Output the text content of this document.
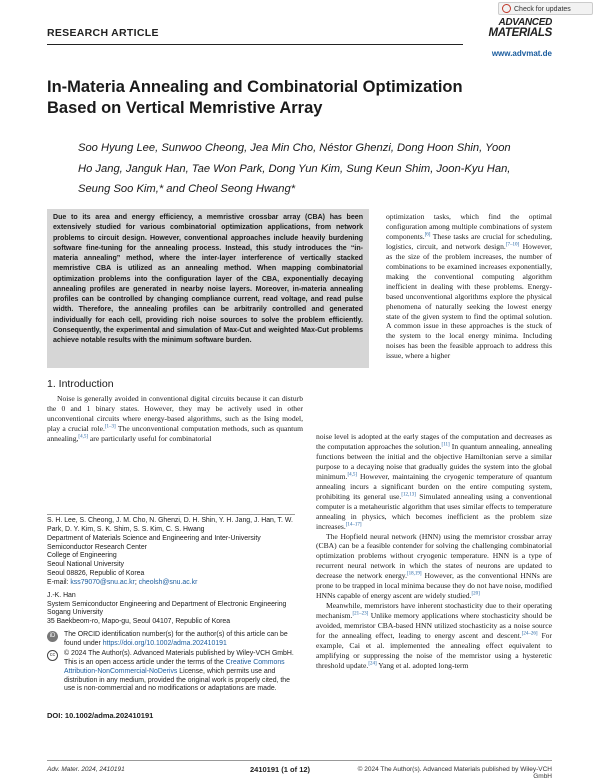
Check for updates
RESEARCH ARTICLE
ADVANCED
MATERIALS
www.advmat.de
In-Materia Annealing and Combinatorial Optimization Based on Vertical Memristive Array
Soo Hyung Lee, Sunwoo Cheong, Jea Min Cho, Néstor Ghenzi, Dong Hoon Shin, Yoon Ho Jang, Janguk Han, Tae Won Park, Dong Yun Kim, Sung Keun Shim, Joon-Kyu Han, Seung Soo Kim,* and Cheol Seong Hwang*
Due to its area and energy efficiency, a memristive crossbar array (CBA) has been extensively studied for various combinatorial optimization applications, from network problems to circuit design. However, conventional approaches include heavily burdening software fine-tuning for the annealing process. Instead, this study introduces the “in-materia annealing” method, where the inter-layer interference of vertically stacked memristive CBA is utilized as an annealing method. When mapping combinatorial optimization problems into the configuration layer of the CBA, exponentially decaying annealing profiles are generated in nearby noise layers. Moreover, in-materia annealing profiles can be controlled by changing compliance current, read voltage, and read pulse width. Therefore, the annealing profiles can be arbitrarily controlled and generated individually for each cell, providing rich noise sources to solve the problem efficiently. Consequently, the experimental and simulation of Max-Cut and weighted Max-Cut problems achieve notable results with the minimum software burden.
1. Introduction

Noise is generally avoided in conventional digital circuits because it can disturb the 0 and 1 binary states. However, they may be actively used in other unconventional circuits where energy-based algorithms, such as the Ising model, play a crucial role.[1–3] The unconventional computation methods, such as quantum annealing,[4,5] are particularly useful for combinatorial

optimization tasks, which find the optimal configuration among multiple combinations of system components.[6] These tasks are crucial for scheduling, logistics, circuit, and network design.[7–10] However, as the size of the problem increases, the number of combinations to be examined increases exponentially, making the conventional computing algorithm inefficient in dealing with these problems. Energy-based unconventional algorithms explore the physical phenomena of naturally seeking the lowest energy state of the given system to find the optimal solution. A common issue in these approaches is the stuck of the system to the local energy minima. Including noises has been the feasible approach to address this issue, where a higher

noise level is adopted at the early stages of the computation and decreases as the computation approaches the solution.[11] In quantum annealing, annealing functions between the initial and the objective Hamiltonian serve a similar purpose to a decaying noise that gradually guides the system into the global minimum.[4,5] However, maintaining the cryogenic temperature of quantum annealing incurs a significant burden on the entire computing system, prohibiting its general use.[12,13] Simulated annealing using a conventional computer is a metaheuristic algorithm that uses similar effects to temperature annealing in physics, which becomes inefficient as the problem size increases.[14–17]

The Hopfield neural network (HNN) using the memristor crossbar array (CBA) can be a feasible contender for solving the challenging combinatorial optimization problems without cryogenic temperature. HNN is a type of recurrent neural network in which the states of neurons are updated to decrease the network energy.[18,19] However, as the conventional HNNs are prone to be trapped in local minima because they do not have noise, modified HNNs capable of energy ascent are widely studied.[20]

Meanwhile, memristors have inherent stochasticity due to their operating mechanism.[21–23] Unlike memory applications where stochasticity should be avoided, memristor CBA-based HNN utilized stochasticity as a noise source for the annealing effect, leading to energy ascent and descent.[24–26] For example, Cai et al. implemented the annealing effect equivalent to amplifying or suppressing the noise of the memristor using a hysteretic threshold update.[24] Yang et al. adopted long-term

S. H. Lee, S. Cheong, J. M. Cho, N. Ghenzi, D. H. Shin, Y. H. Jang, J. Han, T. W. Park, D. Y. Kim, S. K. Shim, S. S. Kim, C. S. Hwang
Department of Materials Science and Engineering and Inter-University Semiconductor Research Center
College of Engineering
Seoul National University
Seoul 08826, Republic of Korea
E-mail: kss79070@snu.ac.kr; cheolsh@snu.ac.kr
J.-K. Han
System Semiconductor Engineering and Department of Electronic Engineering
Sogang University
35 Baekbeom-ro, Mapo-gu, Seoul 04107, Republic of Korea
iD	The ORCID identification number(s) for the author(s) of this article can be found under https://doi.org/10.1002/adma.202410191
cc	© 2024 The Author(s). Advanced Materials published by Wiley-VCH GmbH. This is an open access article under the terms of the Creative Commons Attribution-NonCommercial-NoDerivs License, which permits use and distribution in any medium, provided the original work is properly cited, the use is non-commercial and no modifications or adaptations are made.
DOI: 10.1002/adma.202410191
Adv. Mater. 2024, 2410191	2410191 (1 of 12)	© 2024 The Author(s). Advanced Materials published by Wiley-VCH GmbH
